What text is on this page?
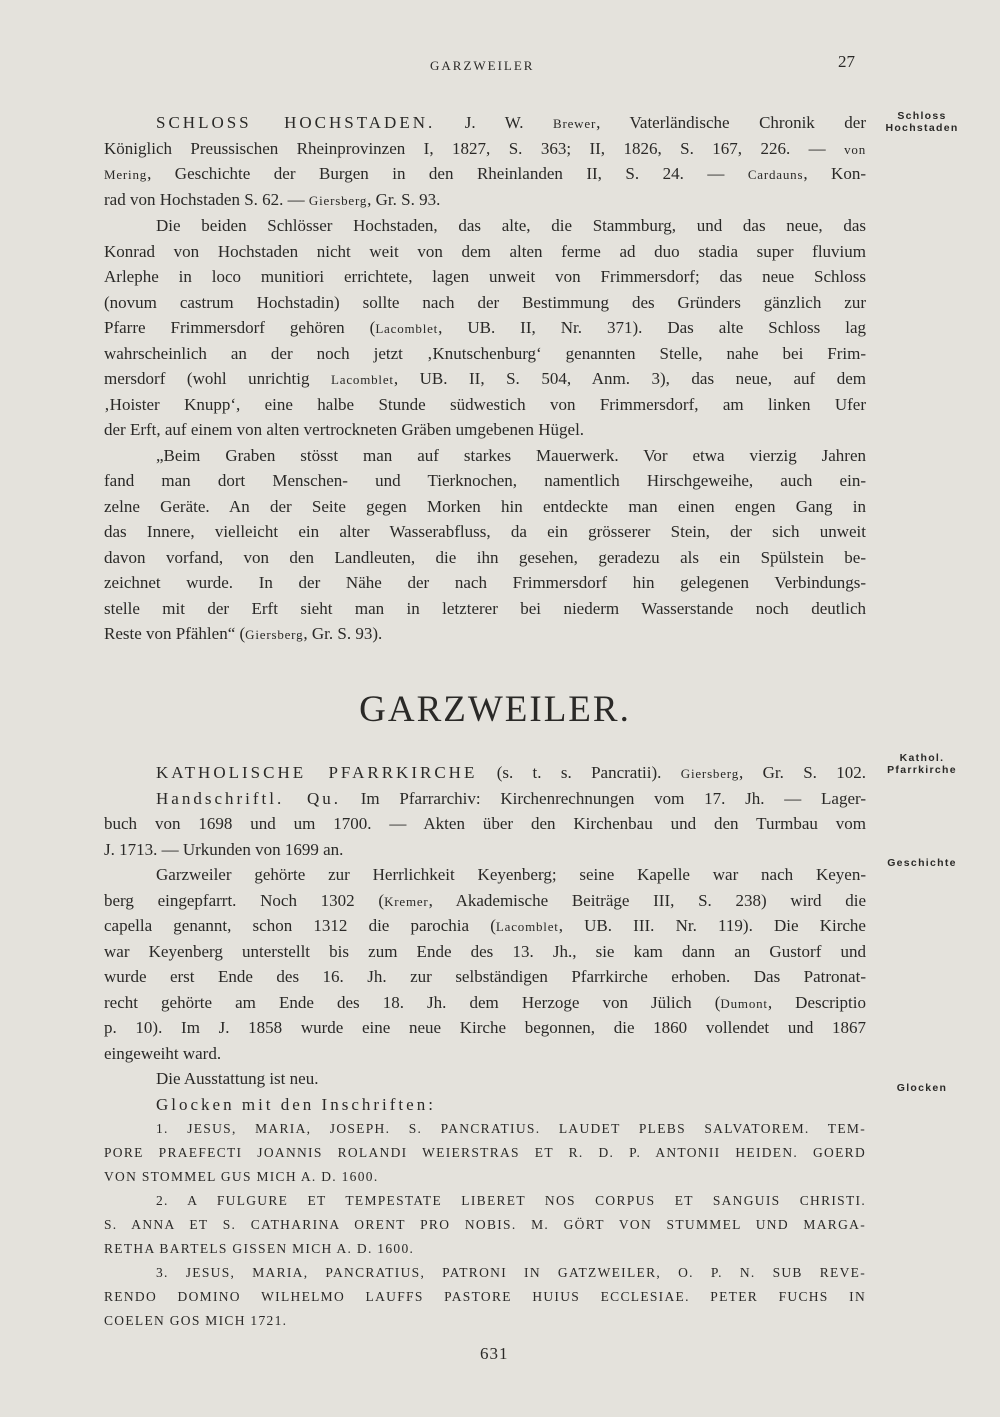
GARZWEILER	27
Schloss
Hochstaden
Kathol.
Pfarrkirche
Geschichte
Glocken
SCHLOSS HOCHSTADEN. J. W. Brewer, Vaterländische Chronik der
Königlich Preussischen Rheinprovinzen I, 1827, S. 363; II, 1826, S. 167, 226. — von
Mering, Geschichte der Burgen in den Rheinlanden II, S. 24. — Cardauns, Kon-
rad von Hochstaden S. 62. — Giersberg, Gr. S. 93.
Die beiden Schlösser Hochstaden, das alte, die Stammburg, und das neue, das
Konrad von Hochstaden nicht weit von dem alten ferme ad duo stadia super fluvium
Arlephe in loco munitiori errichtete, lagen unweit von Frimmersdorf; das neue Schloss
(novum castrum Hochstadin) sollte nach der Bestimmung des Gründers gänzlich zur
Pfarre Frimmersdorf gehören (Lacomblet, UB. II, Nr. 371). Das alte Schloss lag
wahrscheinlich an der noch jetzt ‚Knutschenburg‘ genannten Stelle, nahe bei Frim-
mersdorf (wohl unrichtig Lacomblet, UB. II, S. 504, Anm. 3), das neue, auf dem
‚Hoister Knupp‘, eine halbe Stunde südwestich von Frimmersdorf, am linken Ufer
der Erft, auf einem von alten vertrockneten Gräben umgebenen Hügel.
„Beim Graben stösst man auf starkes Mauerwerk. Vor etwa vierzig Jahren
fand man dort Menschen- und Tierknochen, namentlich Hirschgeweihe, auch ein-
zelne Geräte. An der Seite gegen Morken hin entdeckte man einen engen Gang in
das Innere, vielleicht ein alter Wasserabfluss, da ein grösserer Stein, der sich unweit
davon vorfand, von den Landleuten, die ihn gesehen, geradezu als ein Spülstein be-
zeichnet wurde. In der Nähe der nach Frimmersdorf hin gelegenen Verbindungs-
stelle mit der Erft sieht man in letzterer bei niederm Wasserstande noch deutlich
Reste von Pfählen“ (Giersberg, Gr. S. 93).
GARZWEILER.
KATHOLISCHE PFARRKIRCHE (s. t. s. Pancratii). Giersberg, Gr. S. 102.
Handschriftl. Qu. Im Pfarrarchiv: Kirchenrechnungen vom 17. Jh. — Lager-
buch von 1698 und um 1700. — Akten über den Kirchenbau und den Turmbau vom
J. 1713. — Urkunden von 1699 an.
Garzweiler gehörte zur Herrlichkeit Keyenberg; seine Kapelle war nach Keyen-
berg eingepfarrt. Noch 1302 (Kremer, Akademische Beiträge III, S. 238) wird die
capella genannt, schon 1312 die parochia (Lacomblet, UB. III. Nr. 119). Die Kirche
war Keyenberg unterstellt bis zum Ende des 13. Jh., sie kam dann an Gustorf und
wurde erst Ende des 16. Jh. zur selbständigen Pfarrkirche erhoben. Das Patronat-
recht gehörte am Ende des 18. Jh. dem Herzoge von Jülich (Dumont, Descriptio
p. 10). Im J. 1858 wurde eine neue Kirche begonnen, die 1860 vollendet und 1867
eingeweiht ward.
Die Ausstattung ist neu.
Glocken mit den Inschriften:
1. JESUS, MARIA, JOSEPH. S. PANCRATIUS. LAUDET PLEBS SALVATOREM. TEM-
PORE PRAEFECTI JOANNIS ROLANDI WEIERSTRAS ET R. D. P. ANTONII HEIDEN. GOERD
VON STOMMEL GUS MICH A. D. 1600.
2. A FULGURE ET TEMPESTATE LIBERET NOS CORPUS ET SANGUIS CHRISTI.
S. ANNA ET S. CATHARINA ORENT PRO NOBIS. M. GÖRT VON STUMMEL UND MARGA-
RETHA BARTELS GISSEN MICH A. D. 1600.
3. JESUS, MARIA, PANCRATIUS, PATRONI IN GATZWEILER, O. P. N. SUB REVE-
RENDO DOMINO WILHELMO LAUFFS PASTORE HUIUS ECCLESIAE. PETER FUCHS IN
COELEN GOS MICH 1721.
631
